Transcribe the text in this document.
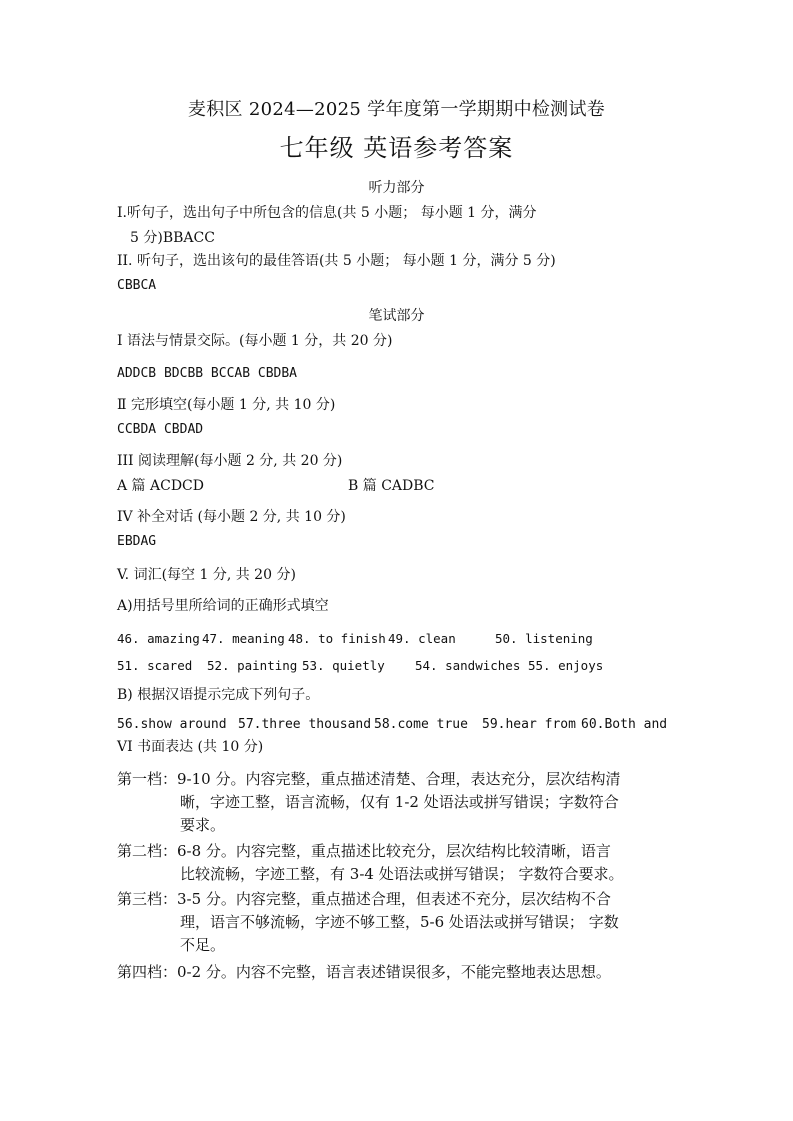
麦积区 2024—2025 学年度第一学期期中检测试卷
七年级 英语参考答案
听力部分
I.听句子，选出句子中所包含的信息(共 5 小题； 每小题 1 分，满分
5 分)BBACC
II. 听句子，选出该句的最佳答语(共 5 小题； 每小题 1 分，满分 5 分)
CBBCA
笔试部分
I 语法与情景交际。(每小题 1 分，共 20 分)
ADDCB BDCBB BCCAB CBDBA
Ⅱ 完形填空(每小题 1 分, 共 10 分)
CCBDA CBDAD
III 阅读理解(每小题 2 分, 共 20 分)
A 篇 ACDCD	B 篇 CADBC
IV 补全对话 (每小题 2 分, 共 10 分)
EBDAG
V. 词汇(每空 1 分, 共 20 分)
A)用括号里所给词的正确形式填空
46. amazing 47. meaning 48. to finish 49. clean	50. listening
51. scared 52. painting 53. quietly 54. sandwiches 55. enjoys
B) 根据汉语提示完成下列句子。
56.show around 57.three thousand 58.come true 59.hear from 60.Both and
VI 书面表达 (共 10 分)
第一档：9-10 分。内容完整，重点描述清楚、合理，表达充分，层次结构清
晰，字迹工整，语言流畅，仅有 1-2 处语法或拼写错误；字数符合
要求。
第二档：6-8 分。内容完整，重点描述比较充分，层次结构比较清晰，语言
比较流畅，字迹工整，有 3-4 处语法或拼写错误； 字数符合要求。
第三档：3-5 分。内容完整，重点描述合理，但表述不充分，层次结构不合
理，语言不够流畅，字迹不够工整，5-6 处语法或拼写错误； 字数
不足。
第四档：0-2 分。内容不完整，语言表述错误很多，不能完整地表达思想。
